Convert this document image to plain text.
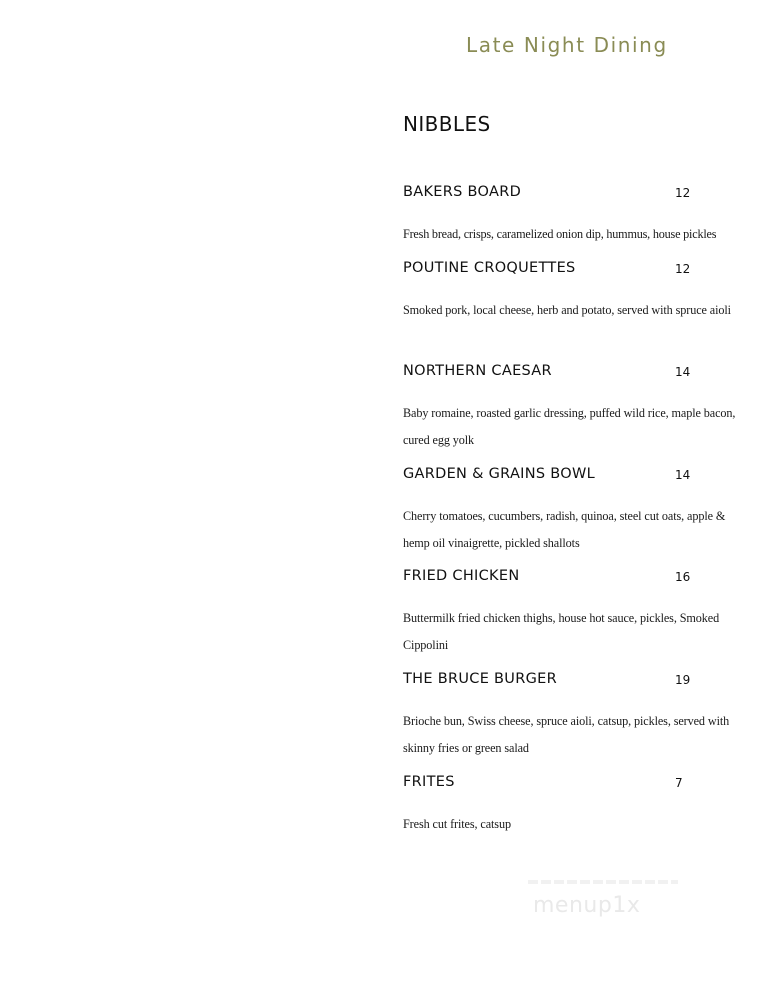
Late Night Dining
NIBBLES
BAKERS BOARD	12
Fresh bread, crisps, caramelized onion dip, hummus, house pickles
POUTINE CROQUETTES	12
Smoked pork, local cheese, herb and potato, served with spruce aioli
NORTHERN CAESAR	14
Baby romaine, roasted garlic dressing, puffed wild rice, maple bacon, cured egg yolk
GARDEN & GRAINS BOWL	14
Cherry tomatoes, cucumbers, radish, quinoa, steel cut oats, apple & hemp oil vinaigrette, pickled shallots
FRIED CHICKEN	16
Buttermilk fried chicken thighs, house hot sauce, pickles, Smoked Cippolini
THE BRUCE BURGER	19
Brioche bun, Swiss cheese, spruce aioli, catsup, pickles, served with skinny fries or green salad
FRITES	7
Fresh cut frites, catsup
menup1x
